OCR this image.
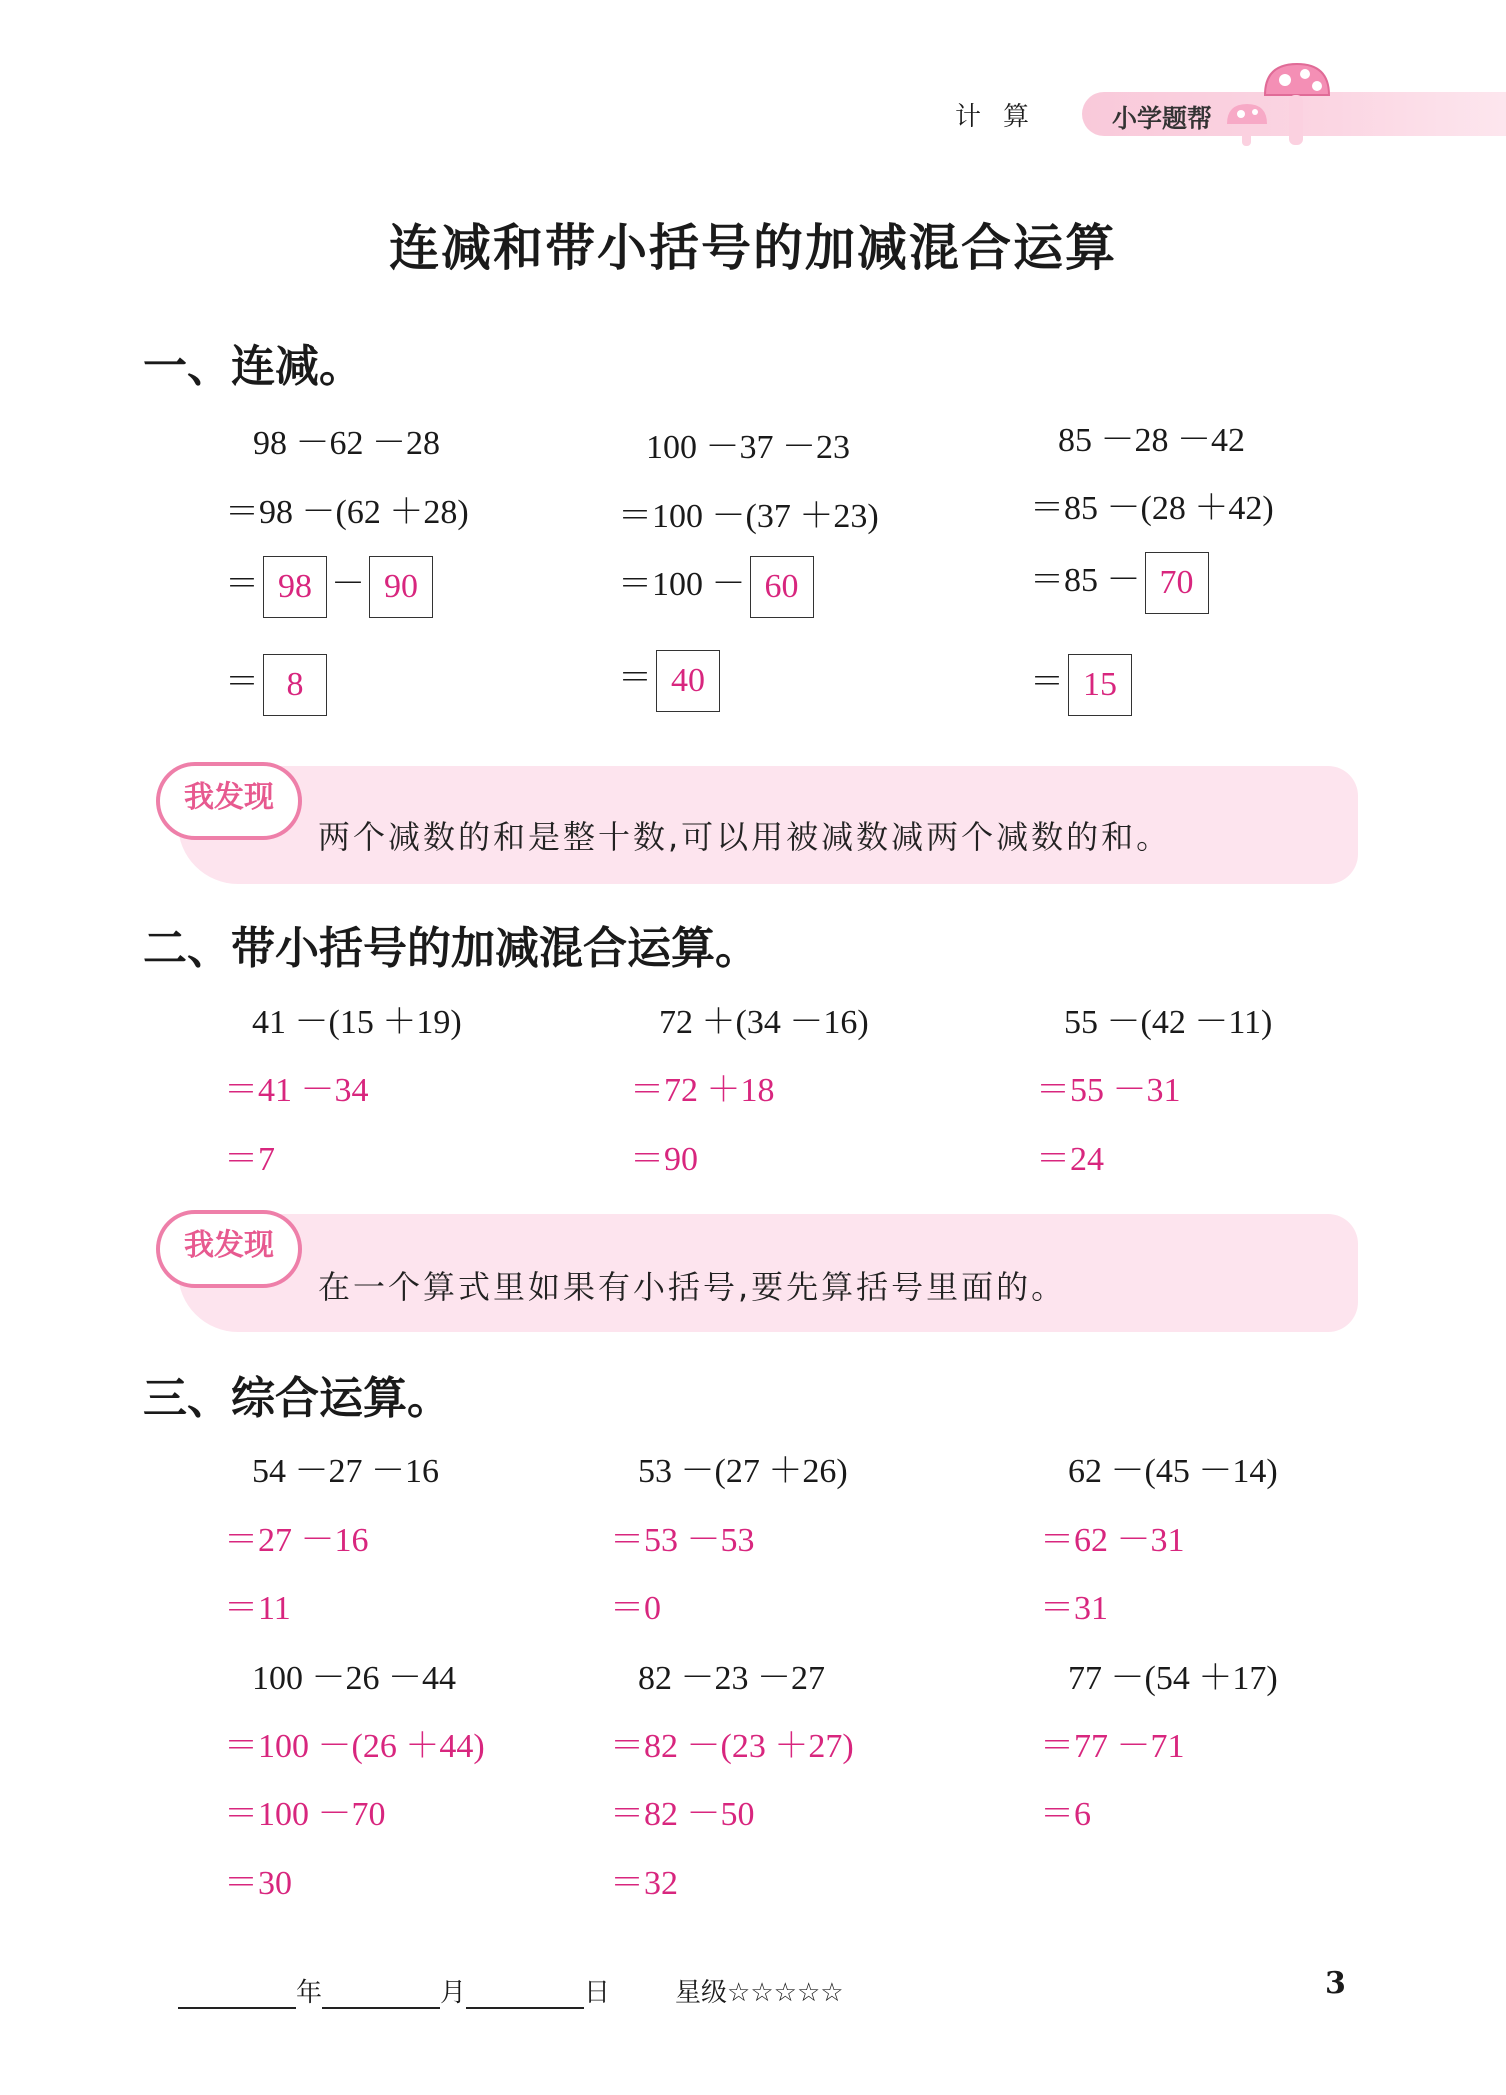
计算 小学题帮
连减和带小括号的加减混合运算
一、连减。
98 －62 －28
＝98 －(62 ＋28)
＝ 98 － 90
＝ 8
100 －37 －23
＝100 －(37 ＋23)
＝100 － 60
＝ 40
85 －28 －42
＝85 －(28 ＋42)
＝85 － 70
＝ 15
我发现
两个减数的和是整十数,可以用被减数减两个减数的和。
二、带小括号的加减混合运算。
41 －(15 ＋19)
＝41 －34
＝7
72 ＋(34 －16)
＝72 ＋18
＝90
55 －(42 －11)
＝55 －31
＝24
我发现
在一个算式里如果有小括号,要先算括号里面的。
三、综合运算。
54 －27 －16
＝27 －16
＝11
53 －(27 ＋26)
＝53 －53
＝0
62 －(45 －14)
＝62 －31
＝31
100 －26 －44
＝100 －(26 ＋44)
＝100 －70
＝30
82 －23 －27
＝82 －(23 ＋27)
＝82 －50
＝32
77 －(54 ＋17)
＝77 －71
＝6
年	月	日 星级☆☆☆☆☆	3
